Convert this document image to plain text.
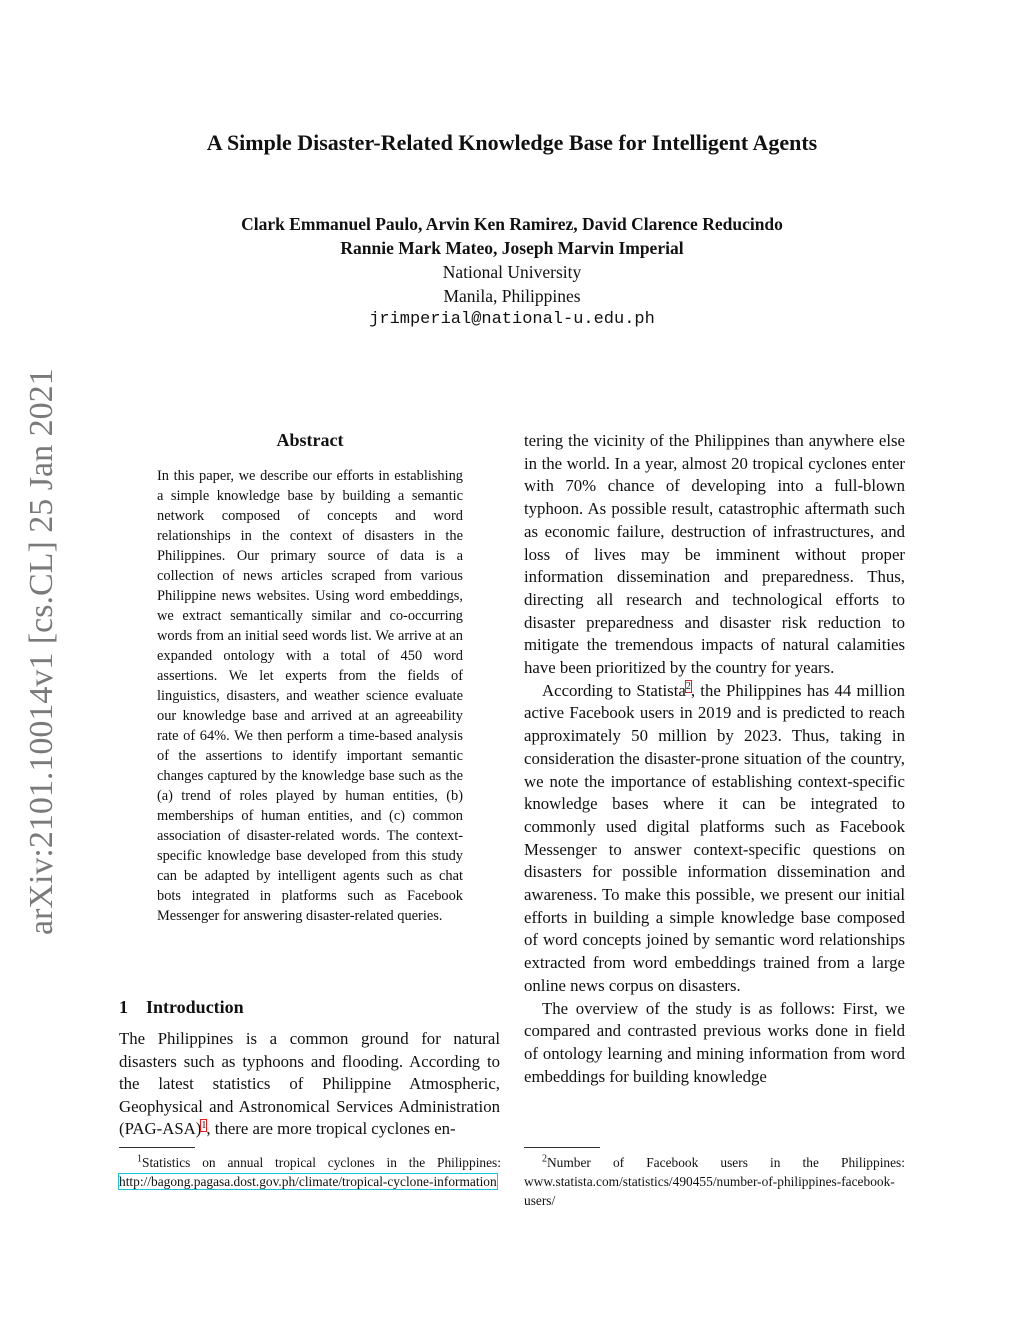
A Simple Disaster-Related Knowledge Base for Intelligent Agents
Clark Emmanuel Paulo, Arvin Ken Ramirez, David Clarence Reducindo
Rannie Mark Mateo, Joseph Marvin Imperial
National University
Manila, Philippines
jrimperial@national-u.edu.ph
arXiv:2101.10014v1 [cs.CL] 25 Jan 2021	Abstract
In this paper, we describe our efforts in establishing a simple knowledge base by building a semantic network composed of concepts and word relationships in the context of disasters in the Philippines. Our primary source of data is a collection of news articles scraped from various Philippine news websites. Using word embeddings, we extract semantically similar and co-occurring words from an initial seed words list. We arrive at an expanded ontology with a total of 450 word assertions. We let experts from the fields of linguistics, disasters, and weather science evaluate our knowledge base and arrived at an agreeability rate of 64%. We then perform a time-based analysis of the assertions to identify important semantic changes captured by the knowledge base such as the (a) trend of roles played by human entities, (b) memberships of human entities, and (c) common association of disaster-related words. The context-specific knowledge base developed from this study can be adapted by intelligent agents such as chat bots integrated in platforms such as Facebook Messenger for answering disaster-related queries.
1 Introduction

The Philippines is a common ground for natural disasters such as typhoons and flooding. According to the latest statistics of Philippine Atmospheric, Geophysical and Astronomical Services Administration $(PAG-ASA)^1$, there are more tropical cyclones en-

tering the vicinity of the Philippines than anywhere else in the world. In a year, almost 20 tropical cyclones enter with 70% chance of developing into a full-blown typhoon. As possible result, catastrophic aftermath such as economic failure, destruction of infrastructures, and loss of lives may be imminent without proper information dissemination and preparedness. Thus, directing all research and technological efforts to disaster preparedness and disaster risk reduction to mitigate the tremendous impacts of natural calamities have been prioritized by the country for years.

According to Statista$^2$, the Philippines has 44 million active Facebook users in 2019 and is predicted to reach approximately 50 million by 2023. Thus, taking in consideration the disaster-prone situation of the country, we note the importance of establishing context-specific knowledge bases where it can be integrated to commonly used digital platforms such as Facebook Messenger to answer context-specific questions on disasters for possible information dissemination and awareness. To make this possible, we present our initial efforts in building a simple knowledge base composed of word concepts joined by semantic word relationships extracted from word embeddings trained from a large online news corpus on disasters.

The overview of the study is as follows: First, we compared and contrasted previous works done in field of ontology learning and mining information from word embeddings for building knowledge

$^1$Statistics on annual tropical cyclones in the Philippines: http://bagong.pagasa.dost.gov.ph/climate/tropical-cyclone-information
$^2$Number of Facebook users in the Philippines: www.statista.com/statistics/490455/number-of-philippines-facebook-users/
